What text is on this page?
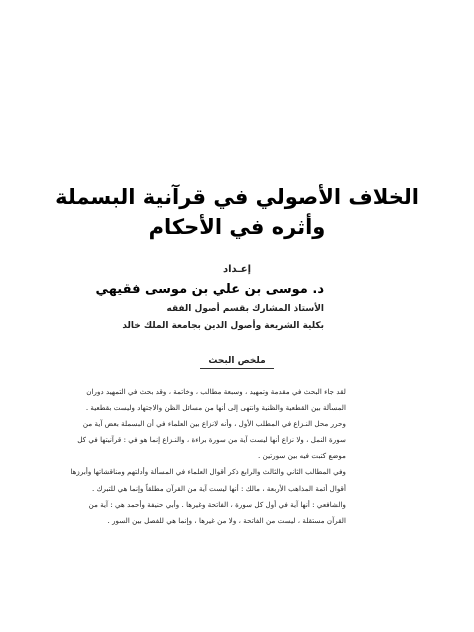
الخلاف الأصولي في قرآنية البسملة
وأثره في الأحكام
إعـداد
د. موسى بن علي بن موسى فقيهي
الأستاذ المشارك بقسم أصول الفقه
بكلية الشريعة وأصول الدين بجامعة الملك خالد
ملخص البحث

لقد جاء البحث في مقدمة وتمهيد ، وسبعة مطالب ، وخاتمة ، وقد بحث في التمهيد دوران

المسألة بين القطعية والظنية وانتهى إلى أنها من مسائل الظن والاجتهاد وليست بقطعية .

وحرر محل النـزاع في المطلب الأول ، وأنه لانزاع بين العلماء في أن البسملة بعض آية من

سورة النمل ، ولا نزاع أنها ليست آية من سورة براءة ، والنـزاع إنما هو في : قرآنيتها في كل

موضع كتبت فيه بين سورتين .

وفي المطالب الثاني والثالث والرابع ذكر أقوال العلماء في المسألة وأدلتهم ومناقشاتها وأبرزها

أقوال أئمة المذاهب الأربعة ، مالك : أنها ليست آية من القرآن مطلقاً وإنما هي للتبرك .

والشافعي : أنها آية في أول كل سورة ، الفاتحة وغيرها . وأبي حنيفة وأحمد هي : آية من

القرآن مستقلة ، ليست من الفاتحة ، ولا من غيرها ، وإنما هي للفصل بين السور .
